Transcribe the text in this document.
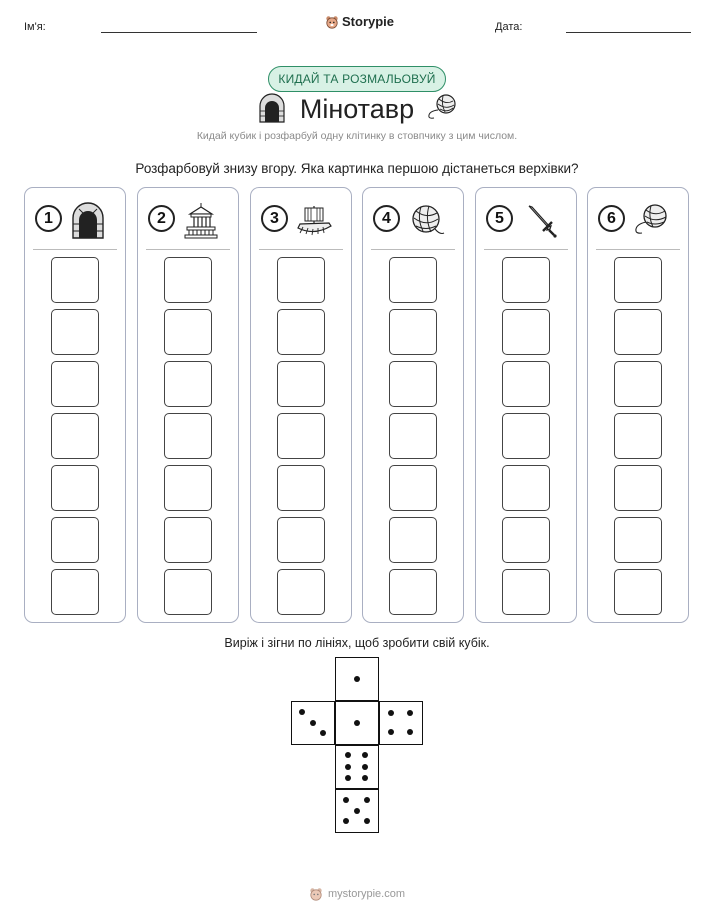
Ім'я:	Storypie	Дата:
КИДАЙ ТА РОЗМАЛЬОВУЙ
Мінотавр
Кидай кубик і розфарбуй одну клітинку в стовпчику з цим числом.
Розфарбовуй знизу вгору. Яка картинка першою дістанеться верхівки?
1	2	3	4	5	6
Виріж і зігни по лініях, щоб зробити свій кубік.
mystorypie.com
